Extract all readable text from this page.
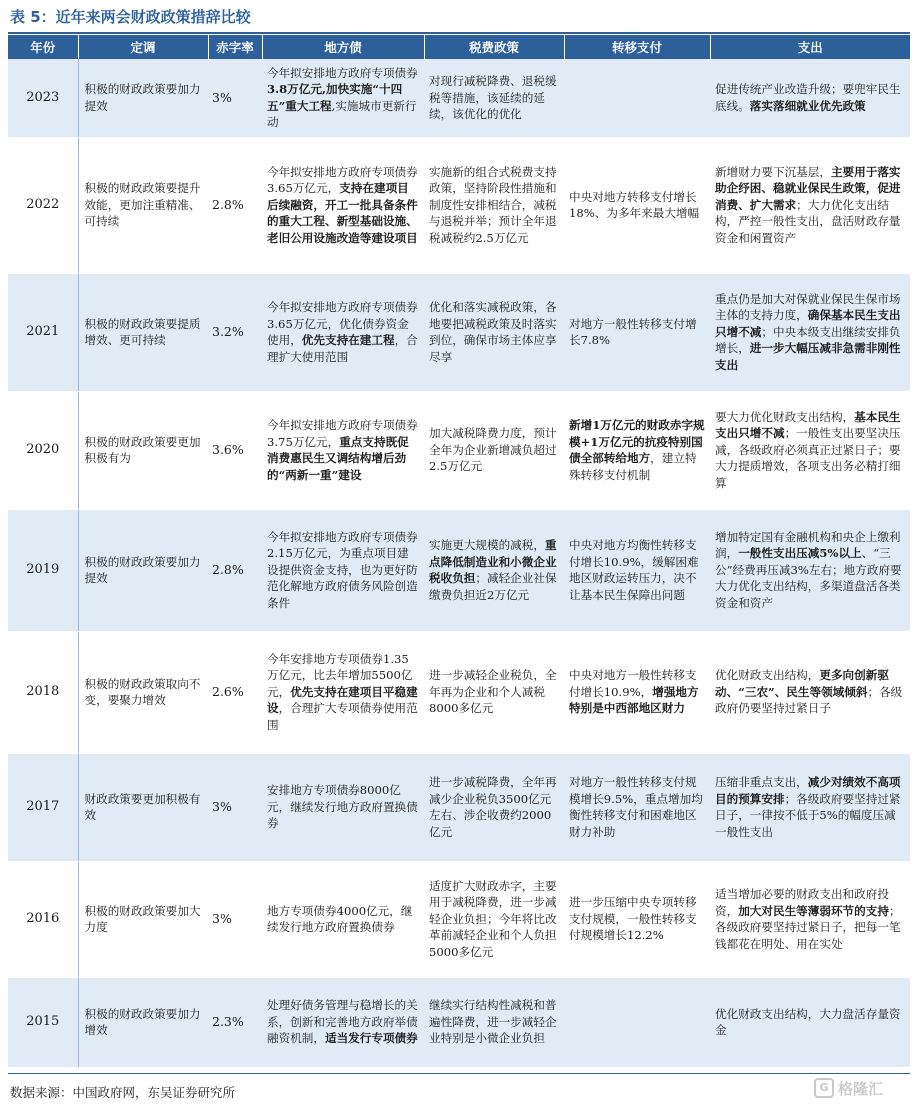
表 5：近年来两会财政政策措辞比较
年份	定调	赤字率	地方债	税费政策	转移支付	支出
2023	积极的财政政策要加力提效	3%	今年拟安排地方政府专项债券3.8万亿元,加快实施“十四五”重大工程,实施城市更新行动	对现行减税降费、退税缓税等措施，该延续的延续，该优化的优化		促进传统产业改造升级；要兜牢民生底线。落实落细就业优先政策
2022	积极的财政政策要提升效能，更加注重精准、可持续	2.8%	今年拟安排地方政府专项债券3.65万亿元，支持在建项目后续融资，开工一批具备条件的重大工程、新型基础设施、老旧公用设施改造等建设项目	实施新的组合式税费支持政策，坚持阶段性措施和制度性安排相结合，减税与退税并举；预计全年退税减税约2.5万亿元	中央对地方转移支付增长18%、为多年来最大增幅	新增财力要下沉基层，主要用于落实助企纾困、稳就业保民生政策，促进消费、扩大需求；大力优化支出结构，严控一般性支出，盘活财政存量资金和闲置资产
2021	积极的财政政策要提质增效、更可持续	3.2%	今年拟安排地方政府专项债券3.65万亿元，优化债券资金使用，优先支持在建工程，合理扩大使用范围	优化和落实减税政策，各地要把减税政策及时落实到位，确保市场主体应享尽享	对地方一般性转移支付增长7.8%	重点仍是加大对保就业保民生保市场主体的支持力度，确保基本民生支出只增不减；中央本级支出继续安排负增长，进一步大幅压减非急需非刚性支出
2020	积极的财政政策要更加积极有为	3.6%	今年拟安排地方政府专项债券3.75万亿元，重点支持既促消费惠民生又调结构增后劲的“两新一重”建设	加大减税降费力度，预计全年为企业新增减负超过2.5万亿元	新增1万亿元的财政赤字规模+1万亿元的抗疫特别国债全部转给地方，建立特殊转移支付机制	要大力优化财政支出结构，基本民生支出只增不减；一般性支出要坚决压减，各级政府必须真正过紧日子；要大力提质增效，各项支出务必精打细算
2019	积极的财政政策要加力提效	2.8%	今年拟安排地方政府专项债券2.15万亿元，为重点项目建设提供资金支持，也为更好防范化解地方政府债务风险创造条件	实施更大规模的减税，重点降低制造业和小微企业税收负担；减轻企业社保缴费负担近2万亿元	中央对地方均衡性转移支付增长10.9%，缓解困难地区财政运转压力，决不让基本民生保障出问题	增加特定国有金融机构和央企上缴利润，一般性支出压减5%以上、“三公”经费再压减3%左右；地方政府要大力优化支出结构，多渠道盘活各类资金和资产
2018	积极的财政政策取向不变，要聚力增效	2.6%	今年安排地方专项债券1.35万亿元，比去年增加5500亿元，优先支持在建项目平稳建设，合理扩大专项债券使用范围	进一步减轻企业税负，全年再为企业和个人减税8000多亿元	中央对地方一般性转移支付增长10.9%，增强地方特别是中西部地区财力	优化财政支出结构，更多向创新驱动、“三农”、民生等领域倾斜；各级政府仍要坚持过紧日子
2017	财政政策要更加积极有效	3%	安排地方专项债券8000亿元，继续发行地方政府置换债券	进一步减税降费，全年再减少企业税负3500亿元左右、涉企收费约2000亿元	对地方一般性转移支付规模增长9.5%，重点增加均衡性转移支付和困难地区财力补助	压缩非重点支出，减少对绩效不高项目的预算安排；各级政府要坚持过紧日子，一律按不低于5%的幅度压减一般性支出
2016	积极的财政政策要加大力度	3%	地方专项债券4000亿元，继续发行地方政府置换债券	适度扩大财政赤字，主要用于减税降费，进一步减轻企业负担；今年将比改革前减轻企业和个人负担5000多亿元	进一步压缩中央专项转移支付规模，一般性转移支付规模增长12.2%	适当增加必要的财政支出和政府投资，加大对民生等薄弱环节的支持；各级政府要坚持过紧日子，把每一笔钱都花在明处、用在实处
2015	积极的财政政策要加力增效	2.3%	处理好债务管理与稳增长的关系，创新和完善地方政府举债融资机制，适当发行专项债券	继续实行结构性减税和普遍性降费，进一步减轻企业特别是小微企业负担		优化财政支出结构，大力盘活存量资金
数据来源：中国政府网，东吴证券研究所	G 格隆汇
